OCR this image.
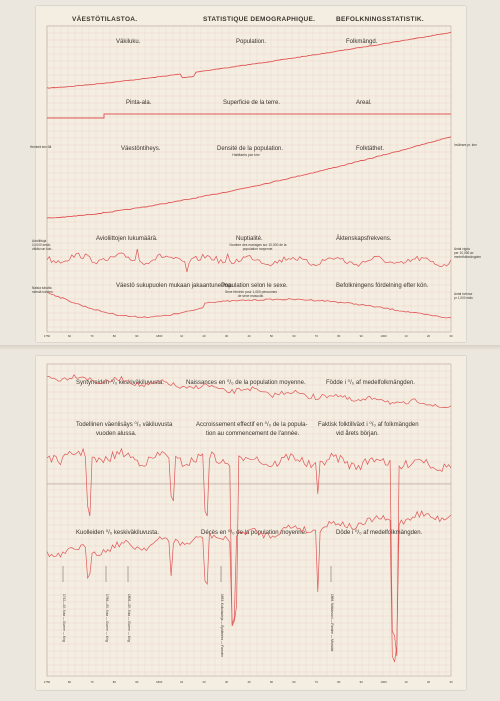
VÄESTÖTILASTOA.	STATISTIQUE DEMOGRAPHIQUE.	BEFOLKNINGSSTATISTIK.
Väkiluku.	Population.	Folkmängd.
Pinta-ala.	Superficie de la terre.	Areal.
Väestöntiheys.	Densité de la population.	Folktäthet.
Habitants par km²
Henkeä km²:llä	Invånare pr. km²
Avioliittojen lukumäärä.	Nuptialité.	Äktenskapsfrekvens.
Nombre des mariages sur 10,000 de la
population moyenne.
Avioliittoja
10,000 keski-
väkiluvun koh-	Antal vigda
per 10,000 av
medelfolkmängden
Väestö sukupuolen mukaan jakaantuneena.
Population selon le sexe.	Befolkningens fördelning efter kön.
Sexe féminin pour 1,000 personnes
de sexe masculin.
Naisia tuhatta
miestä kohden	Antal kvinnor
pr 1,000 män
1750	60	70	80	90	1800	10	20	30	40	50	60	70	80	90	1900	10	20	30
Syntyneiden ⁰/₀ keskiväkiluvusta.	Naissances en ⁰/₀ de la population moyenne.	Födde i ⁰/₀ af medelfolkmängden.
Todellinen väenlisäys ⁰/₀ väkiluvusta	Accroissement effectif en ⁰/₀ de la popula- Faktisk folktillväxt i ⁰/₀ af folkmängden
vuoden alussa.	tion au commencement de l'année.	vid årets början.
Kuolleiden ⁰/₀ keskiväkiluvusta.	Décès en ⁰/₀ de la population moyenne.	Döde i ⁰/₀ af medelfolkmängden.
1742—43. Sota — Guerre — Krig	1788—90. Sota — Guerre — Krig	1808—09. Sota — Guerre — Krig	1833. Kulkutauteja — Épidémies — Farsoter	1868. Nälkävuosi — Famine — Missväxt
1750	60	70	80	90	1800	10	20	30	40	50	60	70	80	90	1900	10	20	30
